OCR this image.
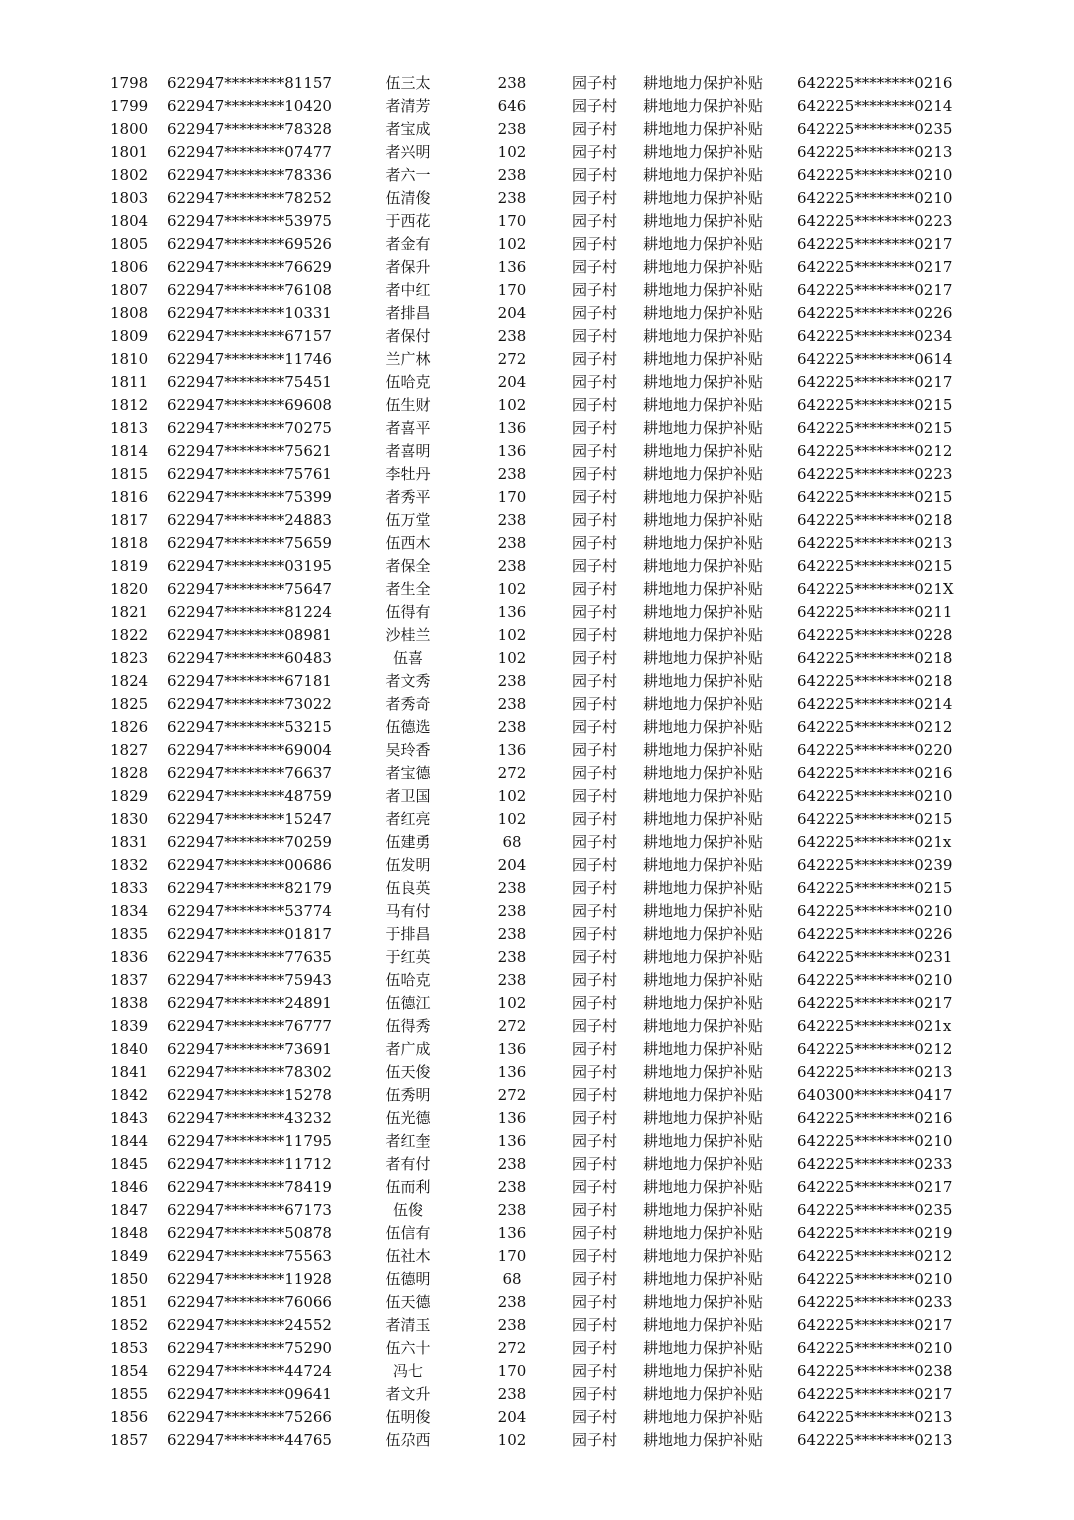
1798 622947********81157	伍三太	238	园子村 耕地地力保护补贴 642225********0216
1799 622947********10420	者清芳	646	园子村 耕地地力保护补贴 642225********0214
1800 622947********78328	者宝成	238	园子村 耕地地力保护补贴 642225********0235
1801 622947********07477	者兴明	102	园子村 耕地地力保护补贴 642225********0213
1802 622947********78336	者六一	238	园子村 耕地地力保护补贴 642225********0210
1803 622947********78252	伍清俊	238	园子村 耕地地力保护补贴 642225********0210
1804 622947********53975	于西花	170	园子村 耕地地力保护补贴 642225********0223
1805 622947********69526	者金有	102	园子村 耕地地力保护补贴 642225********0217
1806 622947********76629	者保升	136	园子村 耕地地力保护补贴 642225********0217
1807 622947********76108	者中红	170	园子村 耕地地力保护补贴 642225********0217
1808 622947********10331	者排昌	204	园子村 耕地地力保护补贴 642225********0226
1809 622947********67157	者保付	238	园子村 耕地地力保护补贴 642225********0234
1810 622947********11746	兰广林	272	园子村 耕地地力保护补贴 642225********0614
1811 622947********75451	伍哈克	204	园子村 耕地地力保护补贴 642225********0217
1812 622947********69608	伍生财	102	园子村 耕地地力保护补贴 642225********0215
1813 622947********70275	者喜平	136	园子村 耕地地力保护补贴 642225********0215
1814 622947********75621	者喜明	136	园子村 耕地地力保护补贴 642225********0212
1815 622947********75761	李牡丹	238	园子村 耕地地力保护补贴 642225********0223
1816 622947********75399	者秀平	170	园子村 耕地地力保护补贴 642225********0215
1817 622947********24883	伍万堂	238	园子村 耕地地力保护补贴 642225********0218
1818 622947********75659	伍西木	238	园子村 耕地地力保护补贴 642225********0213
1819 622947********03195	者保全	238	园子村 耕地地力保护补贴 642225********0215
1820 622947********75647	者生全	102	园子村 耕地地力保护补贴 642225********021X
1821 622947********81224	伍得有	136	园子村 耕地地力保护补贴 642225********0211
1822 622947********08981	沙桂兰	102	园子村 耕地地力保护补贴 642225********0228
1823 622947********60483	伍喜	102	园子村 耕地地力保护补贴 642225********0218
1824 622947********67181	者文秀	238	园子村 耕地地力保护补贴 642225********0218
1825 622947********73022	者秀奇	238	园子村 耕地地力保护补贴 642225********0214
1826 622947********53215	伍德选	238	园子村 耕地地力保护补贴 642225********0212
1827 622947********69004	吴玲香	136	园子村 耕地地力保护补贴 642225********0220
1828 622947********76637	者宝德	272	园子村 耕地地力保护补贴 642225********0216
1829 622947********48759	者卫国	102	园子村 耕地地力保护补贴 642225********0210
1830 622947********15247	者红亮	102	园子村 耕地地力保护补贴 642225********0215
1831 622947********70259	伍建勇	68	园子村 耕地地力保护补贴 642225********021x
1832 622947********00686	伍发明	204	园子村 耕地地力保护补贴 642225********0239
1833 622947********82179	伍良英	238	园子村 耕地地力保护补贴 642225********0215
1834 622947********53774	马有付	238	园子村 耕地地力保护补贴 642225********0210
1835 622947********01817	于排昌	238	园子村 耕地地力保护补贴 642225********0226
1836 622947********77635	于红英	238	园子村 耕地地力保护补贴 642225********0231
1837 622947********75943	伍哈克	238	园子村 耕地地力保护补贴 642225********0210
1838 622947********24891	伍德江	102	园子村 耕地地力保护补贴 642225********0217
1839 622947********76777	伍得秀	272	园子村 耕地地力保护补贴 642225********021x
1840 622947********73691	者广成	136	园子村 耕地地力保护补贴 642225********0212
1841 622947********78302	伍天俊	136	园子村 耕地地力保护补贴 642225********0213
1842 622947********15278	伍秀明	272	园子村 耕地地力保护补贴 640300********0417
1843 622947********43232	伍光德	136	园子村 耕地地力保护补贴 642225********0216
1844 622947********11795	者红奎	136	园子村 耕地地力保护补贴 642225********0210
1845 622947********11712	者有付	238	园子村 耕地地力保护补贴 642225********0233
1846 622947********78419	伍而利	238	园子村 耕地地力保护补贴 642225********0217
1847 622947********67173	伍俊	238	园子村 耕地地力保护补贴 642225********0235
1848 622947********50878	伍信有	136	园子村 耕地地力保护补贴 642225********0219
1849 622947********75563	伍社木	170	园子村 耕地地力保护补贴 642225********0212
1850 622947********11928	伍德明	68	园子村 耕地地力保护补贴 642225********0210
1851 622947********76066	伍天德	238	园子村 耕地地力保护补贴 642225********0233
1852 622947********24552	者清玉	238	园子村 耕地地力保护补贴 642225********0217
1853 622947********75290	伍六十	272	园子村 耕地地力保护补贴 642225********0210
1854 622947********44724	冯七	170	园子村 耕地地力保护补贴 642225********0238
1855 622947********09641	者文升	238	园子村 耕地地力保护补贴 642225********0217
1856 622947********75266	伍明俊	204	园子村 耕地地力保护补贴 642225********0213
1857 622947********44765	伍尕西	102	园子村 耕地地力保护补贴 642225********0213
